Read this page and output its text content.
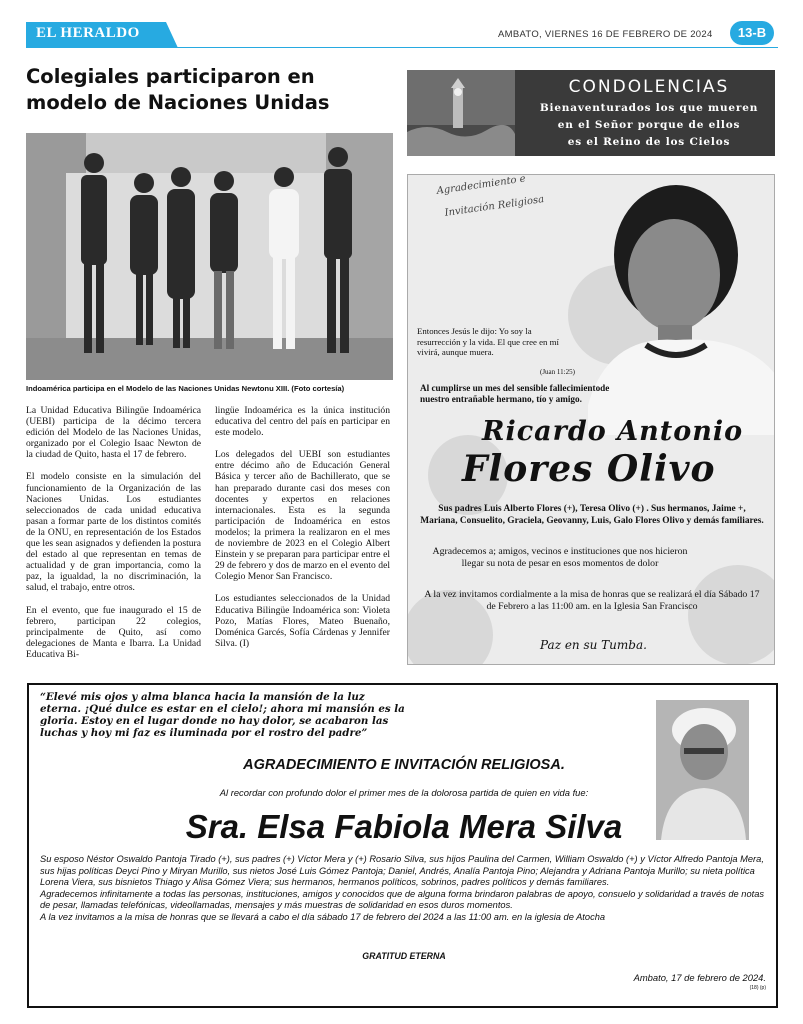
EL HERALDO	AMBATO, VIERNES 16 DE FEBRERO DE 2024	13-B
Colegiales participaron en modelo de Naciones Unidas
Indoamérica participa en el Modelo de las Naciones Unidas Newtonu XIII. (Foto cortesía)

La Unidad Educativa Bilingüe Indoamérica (UEBI) participa de la décimo tercera edición del Modelo de las Naciones Unidas, organizado por el Colegio Isaac Newton de la ciudad de Quito, hasta el 17 de febrero.

El modelo consiste en la simulación del funcionamiento de la Organización de las Naciones Unidas. Los estudiantes seleccionados de cada unidad educativa pasan a formar parte de los distintos comités de la ONU, en representación de los Estados que les sean asignados y defienden la postura del estado al que representan en temas de actualidad y de gran importancia, como la paz, la igualdad, la no discriminación, la salud, el trabajo, entre otros.

En el evento, que fue inaugurado el 15 de febrero, participan 22 colegios, principalmente de Quito, así como delegaciones de Manta e Ibarra. La Unidad Educativa Bi-

lingüe Indoamérica es la única institución educativa del centro del país en participar en este modelo.

Los delegados del UEBI son estudiantes entre décimo año de Educación General Básica y tercer año de Bachillerato, que se han preparado durante casi dos meses con docentes y expertos en relaciones internacionales. Esta es la segunda participación de Indoamérica en estos modelos; la primera la realizaron en el mes de noviembre de 2023 en el Colegio Albert Einstein y se preparan para participar entre el 29 de febrero y dos de marzo en el evento del Colegio Menor San Francisco.

Los estudiantes seleccionados de la Unidad Educativa Bilingüe Indoamérica son: Violeta Pozo, Matías Flores, Mateo Buenaño, Doménica Garcés, Sofía Cárdenas y Jennifer Silva. (I)

CONDOLENCIAS
Bienaventurados los que mueren
en el Señor porque de ellos
es el Reino de los Cielos
Agradecimiento e
Invitación Religiosa
Entonces Jesús le dijo: Yo soy la resurrección y la vida. El que cree en mí vivirá, aunque muera.
(Juan 11:25)
Al cumplirse un mes del sensible fallecimientode nuestro entrañable hermano, tío y amigo.
Ricardo Antonio
Flores Olivo
Sus padres Luis Alberto Flores (+), Teresa Olivo (+) . Sus hermanos, Jaime +, Mariana, Consuelito, Graciela, Geovanny, Luis, Galo Flores Olivo y demás familiares.
Agradecemos a; amigos, vecinos e instituciones que nos hicieron llegar su nota de pesar en esos momentos de dolor
A la vez invitamos cordialmente a la misa de honras que se realizará el día Sábado 17 de Febrero a las 11:00 am. en la Iglesia San Francisco
Paz en su Tumba.
“Elevé mis ojos y alma blanca hacia la mansión de la luz eterna. ¡Qué dulce es estar en el cielo!; ahora mi mansión es la gloria. Estoy en el lugar donde no hay dolor, se acabaron las luchas y hoy mi faz es iluminada por el rostro del padre”
AGRADECIMIENTO E INVITACIÓN RELIGIOSA.
Al recordar con profundo dolor el primer mes de la dolorosa partida de quien en vida fue:
Sra. Elsa Fabiola Mera Silva

Su esposo Néstor Oswaldo Pantoja Tirado (+), sus padres (+) Víctor Mera y (+) Rosario Silva, sus hijos Paulina del Carmen, William Oswaldo (+) y Víctor Alfredo Pantoja Mera, sus hijas políticas Deyci Pino y Miryan Murillo, sus nietos José Luis Gómez Pantoja; Daniel, Andrés, Analía Pantoja Pino; Alejandra y Adriana Pantoja Murillo; su nieta política Lorena Viera, sus bisnietos Thiago y Alisa Gómez Viera; sus hermanos, hermanos políticos, sobrinos, padres políticos y demás familiares.

Agradecemos infinitamente a todas las personas, instituciones, amigos y conocidos que de alguna forma brindaron palabras de apoyo, consuelo y solidaridad a través de notas de pesar, llamadas telefónicas, videollamadas, mensajes y más muestras de solidaridad en esos duros momentos.

A la vez invitamos a la misa de honras que se llevará a cabo el día sábado 17 de febrero del 2024 a las 11:00 am. en la iglesia de Atocha

GRATITUD ETERNA
Ambato, 17 de febrero de 2024.
(18) (p)
